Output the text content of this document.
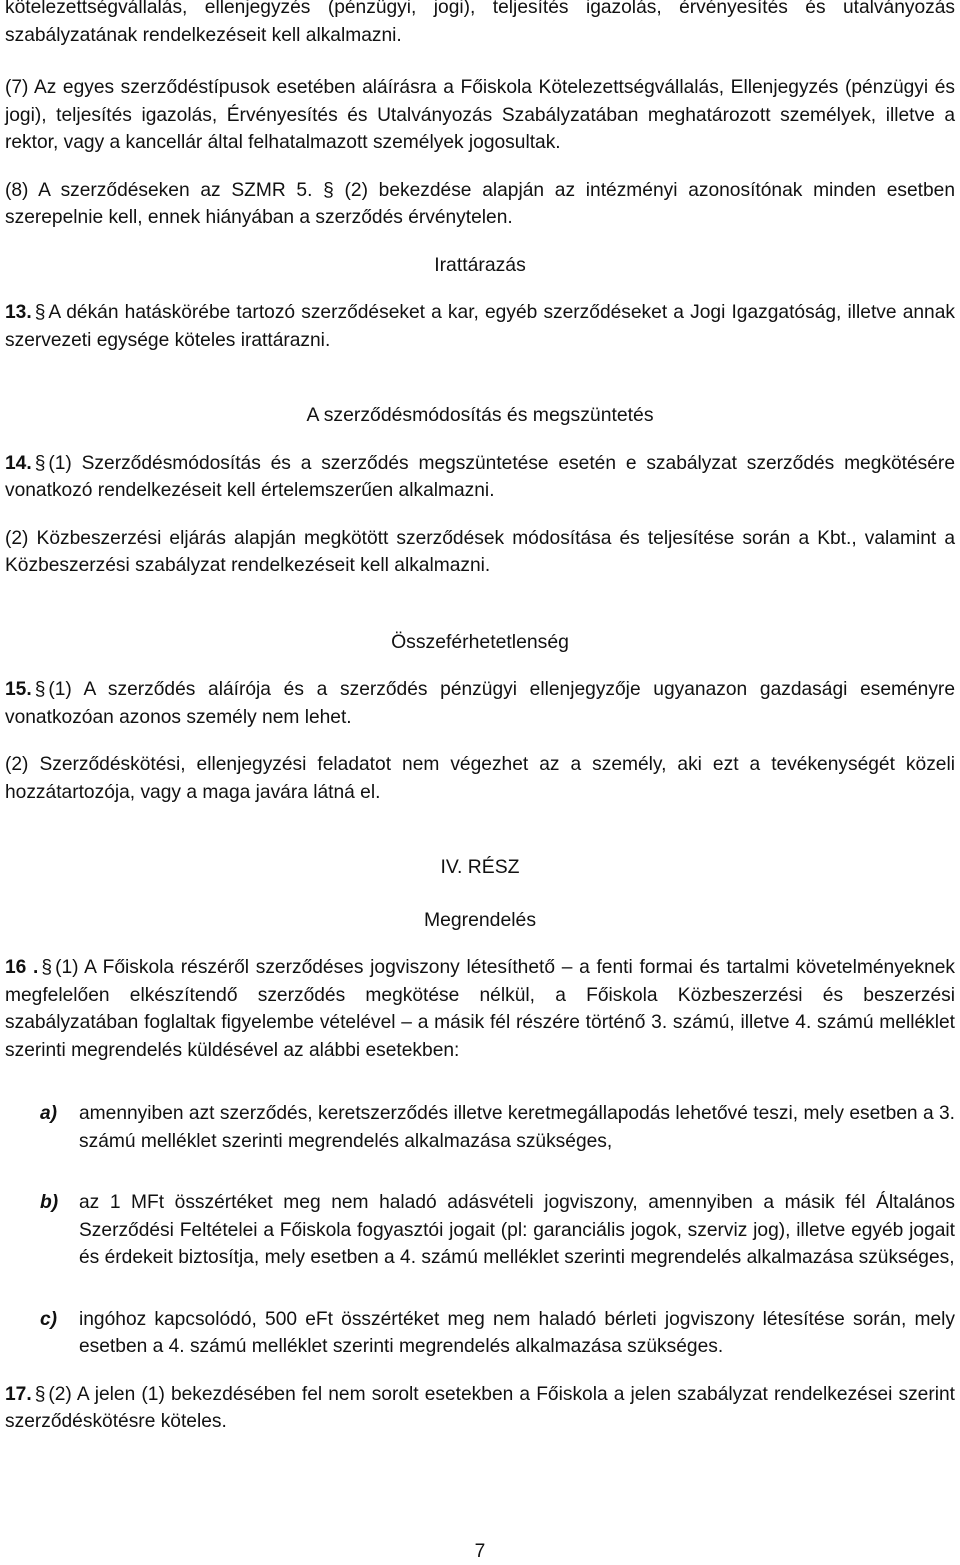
kötelezettségvállalás, ellenjegyzés (pénzügyi, jogi), teljesítés igazolás, érvényesítés és utalványozás szabályzatának rendelkezéseit kell alkalmazni.

(7) Az egyes szerződéstípusok esetében aláírásra a Főiskola Kötelezettségvállalás, Ellenjegyzés (pénzügyi és jogi), teljesítés igazolás, Érvényesítés és Utalványozás Szabályzatában meghatározott személyek, illetve a rektor, vagy a kancellár által felhatalmazott személyek jogosultak.

(8) A szerződéseken az SZMR 5. § (2) bekezdése alapján az intézményi azonosítónak minden esetben szerepelnie kell, ennek hiányában a szerződés érvénytelen.

Irattárazás

13. § A dékán hatáskörébe tartozó szerződéseket a kar, egyéb szerződéseket a Jogi Igazgatóság, illetve annak szervezeti egysége köteles irattárazni.

A szerződésmódosítás és megszüntetés

14. § (1) Szerződésmódosítás és a szerződés megszüntetése esetén e szabályzat szerződés megkötésére vonatkozó rendelkezéseit kell értelemszerűen alkalmazni.

(2) Közbeszerzési eljárás alapján megkötött szerződések módosítása és teljesítése során a Kbt., valamint a Közbeszerzési szabályzat rendelkezéseit kell alkalmazni.

Összeférhetetlenség

15. § (1) A szerződés aláírója és a szerződés pénzügyi ellenjegyzője ugyanazon gazdasági eseményre vonatkozóan azonos személy nem lehet.

(2) Szerződéskötési, ellenjegyzési feladatot nem végezhet az a személy, aki ezt a tevékenységét közeli hozzátartozója, vagy a maga javára látná el.

IV. RÉSZ
Megrendelés

16 . § (1) A Főiskola részéről szerződéses jogviszony létesíthető – a fenti formai és tartalmi követelményeknek megfelelően elkészítendő szerződés megkötése nélkül, a Főiskola Közbeszerzési és beszerzési szabályzatában foglaltak figyelembe vételével – a másik fél részére történő 3. számú, illetve 4. számú melléklet szerinti megrendelés küldésével az alábbi esetekben:

a) amennyiben azt szerződés, keretszerződés illetve keretmegállapodás lehetővé teszi, mely esetben a 3. számú melléklet szerinti megrendelés alkalmazása szükséges,
b) az 1 MFt összértéket meg nem haladó adásvételi jogviszony, amennyiben a másik fél Általános Szerződési Feltételei a Főiskola fogyasztói jogait (pl: garanciális jogok, szerviz jog), illetve egyéb jogait és érdekeit biztosítja, mely esetben a 4. számú melléklet szerinti megrendelés alkalmazása szükséges,
c) ingóhoz kapcsolódó, 500 eFt összértéket meg nem haladó bérleti jogviszony létesítése során, mely esetben a 4. számú melléklet szerinti megrendelés alkalmazása szükséges.

17. § (2) A jelen (1) bekezdésében fel nem sorolt esetekben a Főiskola a jelen szabályzat rendelkezései szerint szerződéskötésre köteles.

7
